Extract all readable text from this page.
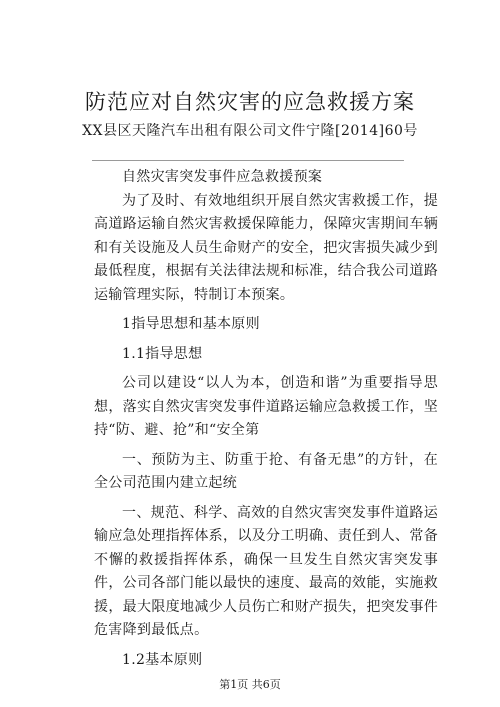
防范应对自然灾害的应急救援方案
XX县区天隆汽车出租有限公司文件宁隆[2014]60号

自然灾害突发事件应急救援预案

为了及时、有效地组织开展自然灾害救援工作，提高道路运输自然灾害救援保障能力，保障灾害期间车辆和有关设施及人员生命财产的安全，把灾害损失减少到最低程度，根据有关法律法规和标准，结合我公司道路运输管理实际，特制订本预案。

1指导思想和基本原则

1.1指导思想

公司以建设“以人为本，创造和谐”为重要指导思想，落实自然灾害突发事件道路运输应急救援工作，坚持“防、避、抢”和“安全第

一、预防为主、防重于抢、有备无患”的方针，在全公司范围内建立起统

一、规范、科学、高效的自然灾害突发事件道路运输应急处理指挥体系，以及分工明确、责任到人、常备不懈的救援指挥体系，确保一旦发生自然灾害突发事件，公司各部门能以最快的速度、最高的效能，实施救援，最大限度地减少人员伤亡和财产损失，把突发事件危害降到最低点。

1.2基本原则

第1页 共6页
